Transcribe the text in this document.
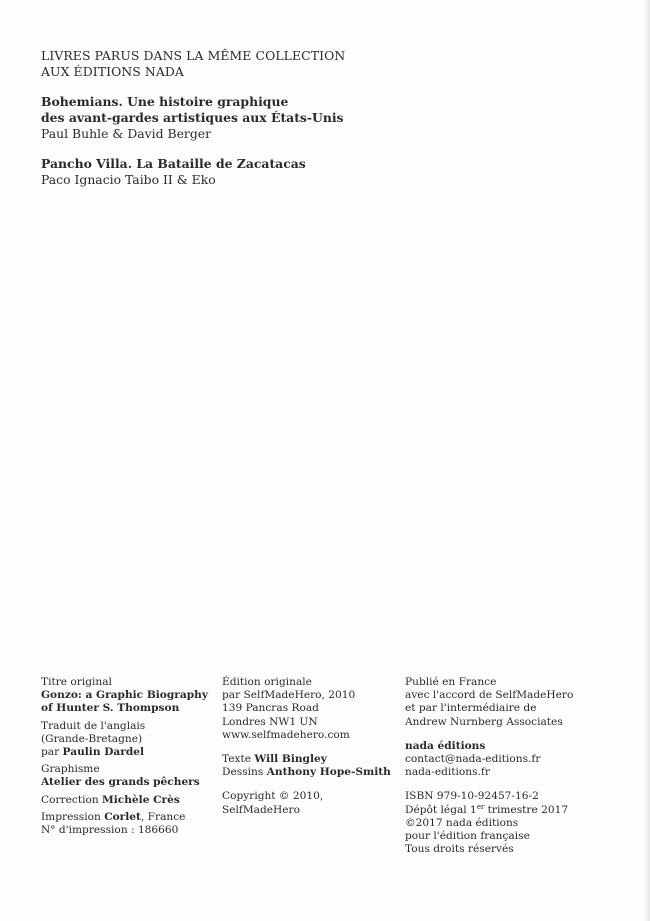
LIVRES PARUS DANS LA MÊME COLLECTION
AUX ÉDITIONS NADA
Bohemians. Une histoire graphique
des avant-gardes artistiques aux États-Unis
Paul Buhle & David Berger
Pancho Villa. La Bataille de Zacatacas
Paco Ignacio Taibo II & Eko
Titre original
Gonzo: a Graphic Biography
of Hunter S. Thompson
Traduit de l'anglais
(Grande-Bretagne)
par Paulin Dardel
Graphisme
Atelier des grands pêchers
Correction Michèle Crès
Impression Corlet, France
N° d'impression : 186660
Édition originale
par SelfMadeHero, 2010
139 Pancras Road
Londres NW1 UN
www.selfmadehero.com
Texte Will Bingley
Dessins Anthony Hope-Smith
Copyright © 2010,
SelfMadeHero
Publié en France
avec l'accord de SelfMadeHero
et par l'intermédiaire de
Andrew Nurnberg Associates
nada éditions
contact@nada-editions.fr
nada-editions.fr
ISBN 979-10-92457-16-2
Dépôt légal 1er trimestre 2017
©2017 nada éditions
pour l'édition française
Tous droits réservés
